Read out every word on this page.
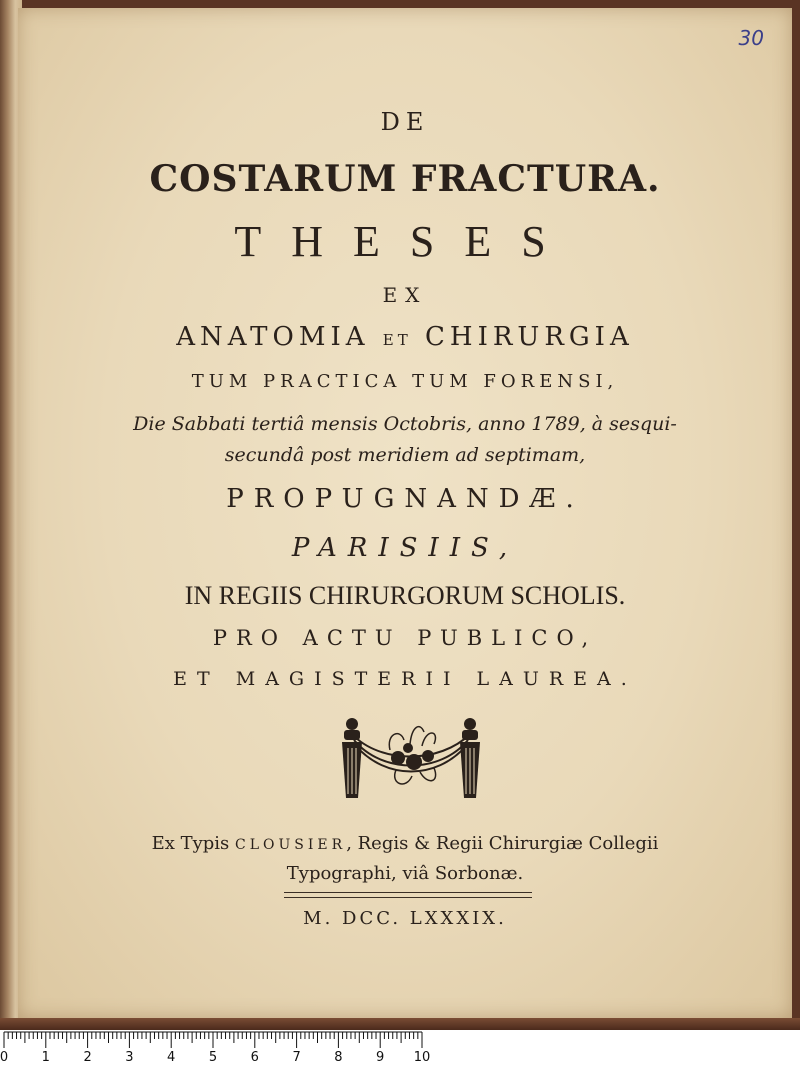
30
DE
COSTARUM FRACTURA.
THESES
EX
ANATOMIA ET CHIRURGIA
TUM PRACTICA TUM FORENSI,
Die Sabbati tertiâ mensis Octobris, anno 1789, à sesqui-
secundâ post meridiem ad septimam,
PROPUGNANDÆ.
PARISIIS,
IN REGIIS CHIRURGORUM SCHOLIS.
PRO ACTU PUBLICO,
ET MAGISTERII LAUREA.
Ex Typis CLOUSIER, Regis & Regii Chirurgiæ Collegii
Typographi, viâ Sorbonæ.
M. DCC. LXXXIX.
0	1	2	3	4	5	6	7	8	9 10
